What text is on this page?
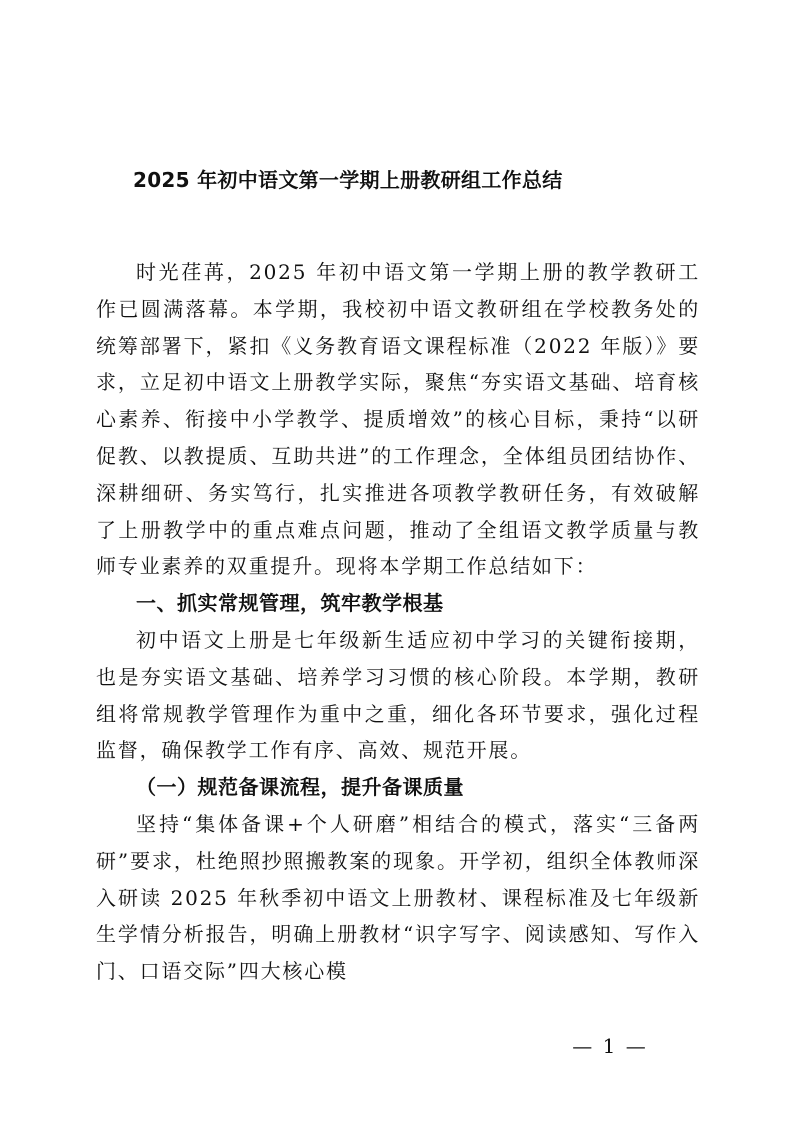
2025 年初中语文第一学期上册教研组工作总结

时光荏苒，2025 年初中语文第一学期上册的教学教研工作已圆满落幕。本学期，我校初中语文教研组在学校教务处的统筹部署下，紧扣《义务教育语文课程标准（2022 年版）》要求，立足初中语文上册教学实际，聚焦“夯实语文基础、培育核心素养、衔接中小学教学、提质增效”的核心目标，秉持“以研促教、以教提质、互助共进”的工作理念，全体组员团结协作、深耕细研、务实笃行，扎实推进各项教学教研任务，有效破解了上册教学中的重点难点问题，推动了全组语文教学质量与教师专业素养的双重提升。现将本学期工作总结如下：

一、抓实常规管理，筑牢教学根基

初中语文上册是七年级新生适应初中学习的关键衔接期，也是夯实语文基础、培养学习习惯的核心阶段。本学期，教研组将常规教学管理作为重中之重，细化各环节要求，强化过程监督，确保教学工作有序、高效、规范开展。

（一）规范备课流程，提升备课质量

坚持“集体备课+个人研磨”相结合的模式，落实“三备两研”要求，杜绝照抄照搬教案的现象。开学初，组织全体教师深入研读 2025 年秋季初中语文上册教材、课程标准及七年级新生学情分析报告，明确上册教材“识字写字、阅读感知、写作入门、口语交际”四大核心模

— 1 —
